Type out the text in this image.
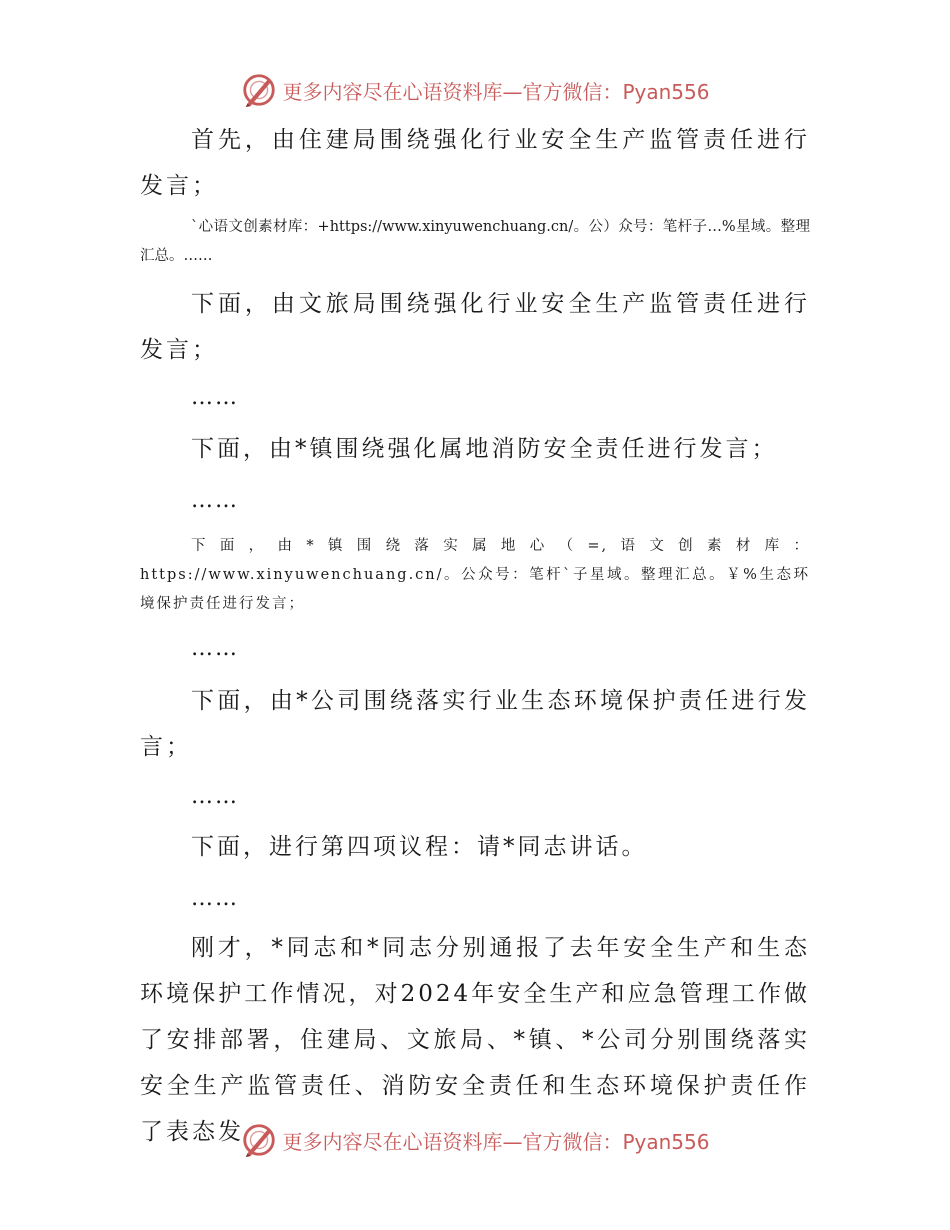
更多内容尽在心语资料库—官方微信：Pyan556

首先，由住建局围绕强化行业安全生产监管责任进行发言；

`心语文创素材库：+https://www.xinyuwenchuang.cn/。公）众号：笔杆子…%星域。整理汇总。……

下面，由文旅局围绕强化行业安全生产监管责任进行发言；

……

下面，由*镇围绕强化属地消防安全责任进行发言；

……

下面，由*镇围绕落实属地心（=,语文创素材库：https://www.xinyuwenchuang.cn/。公众号：笔杆`子星域。整理汇总。￥%生态环境保护责任进行发言；

……

下面，由*公司围绕落实行业生态环境保护责任进行发言；

……

下面，进行第四项议程：请*同志讲话。

……

刚才，*同志和*同志分别通报了去年安全生产和生态环境保护工作情况，对2024年安全生产和应急管理工作做了安排部署，住建局、文旅局、*镇、*公司分别围绕落实安全生产监管责任、消防安全责任和生态环境保护责任作了表态发	更多内容尽在心语资料库—官方微信：Pyan556
